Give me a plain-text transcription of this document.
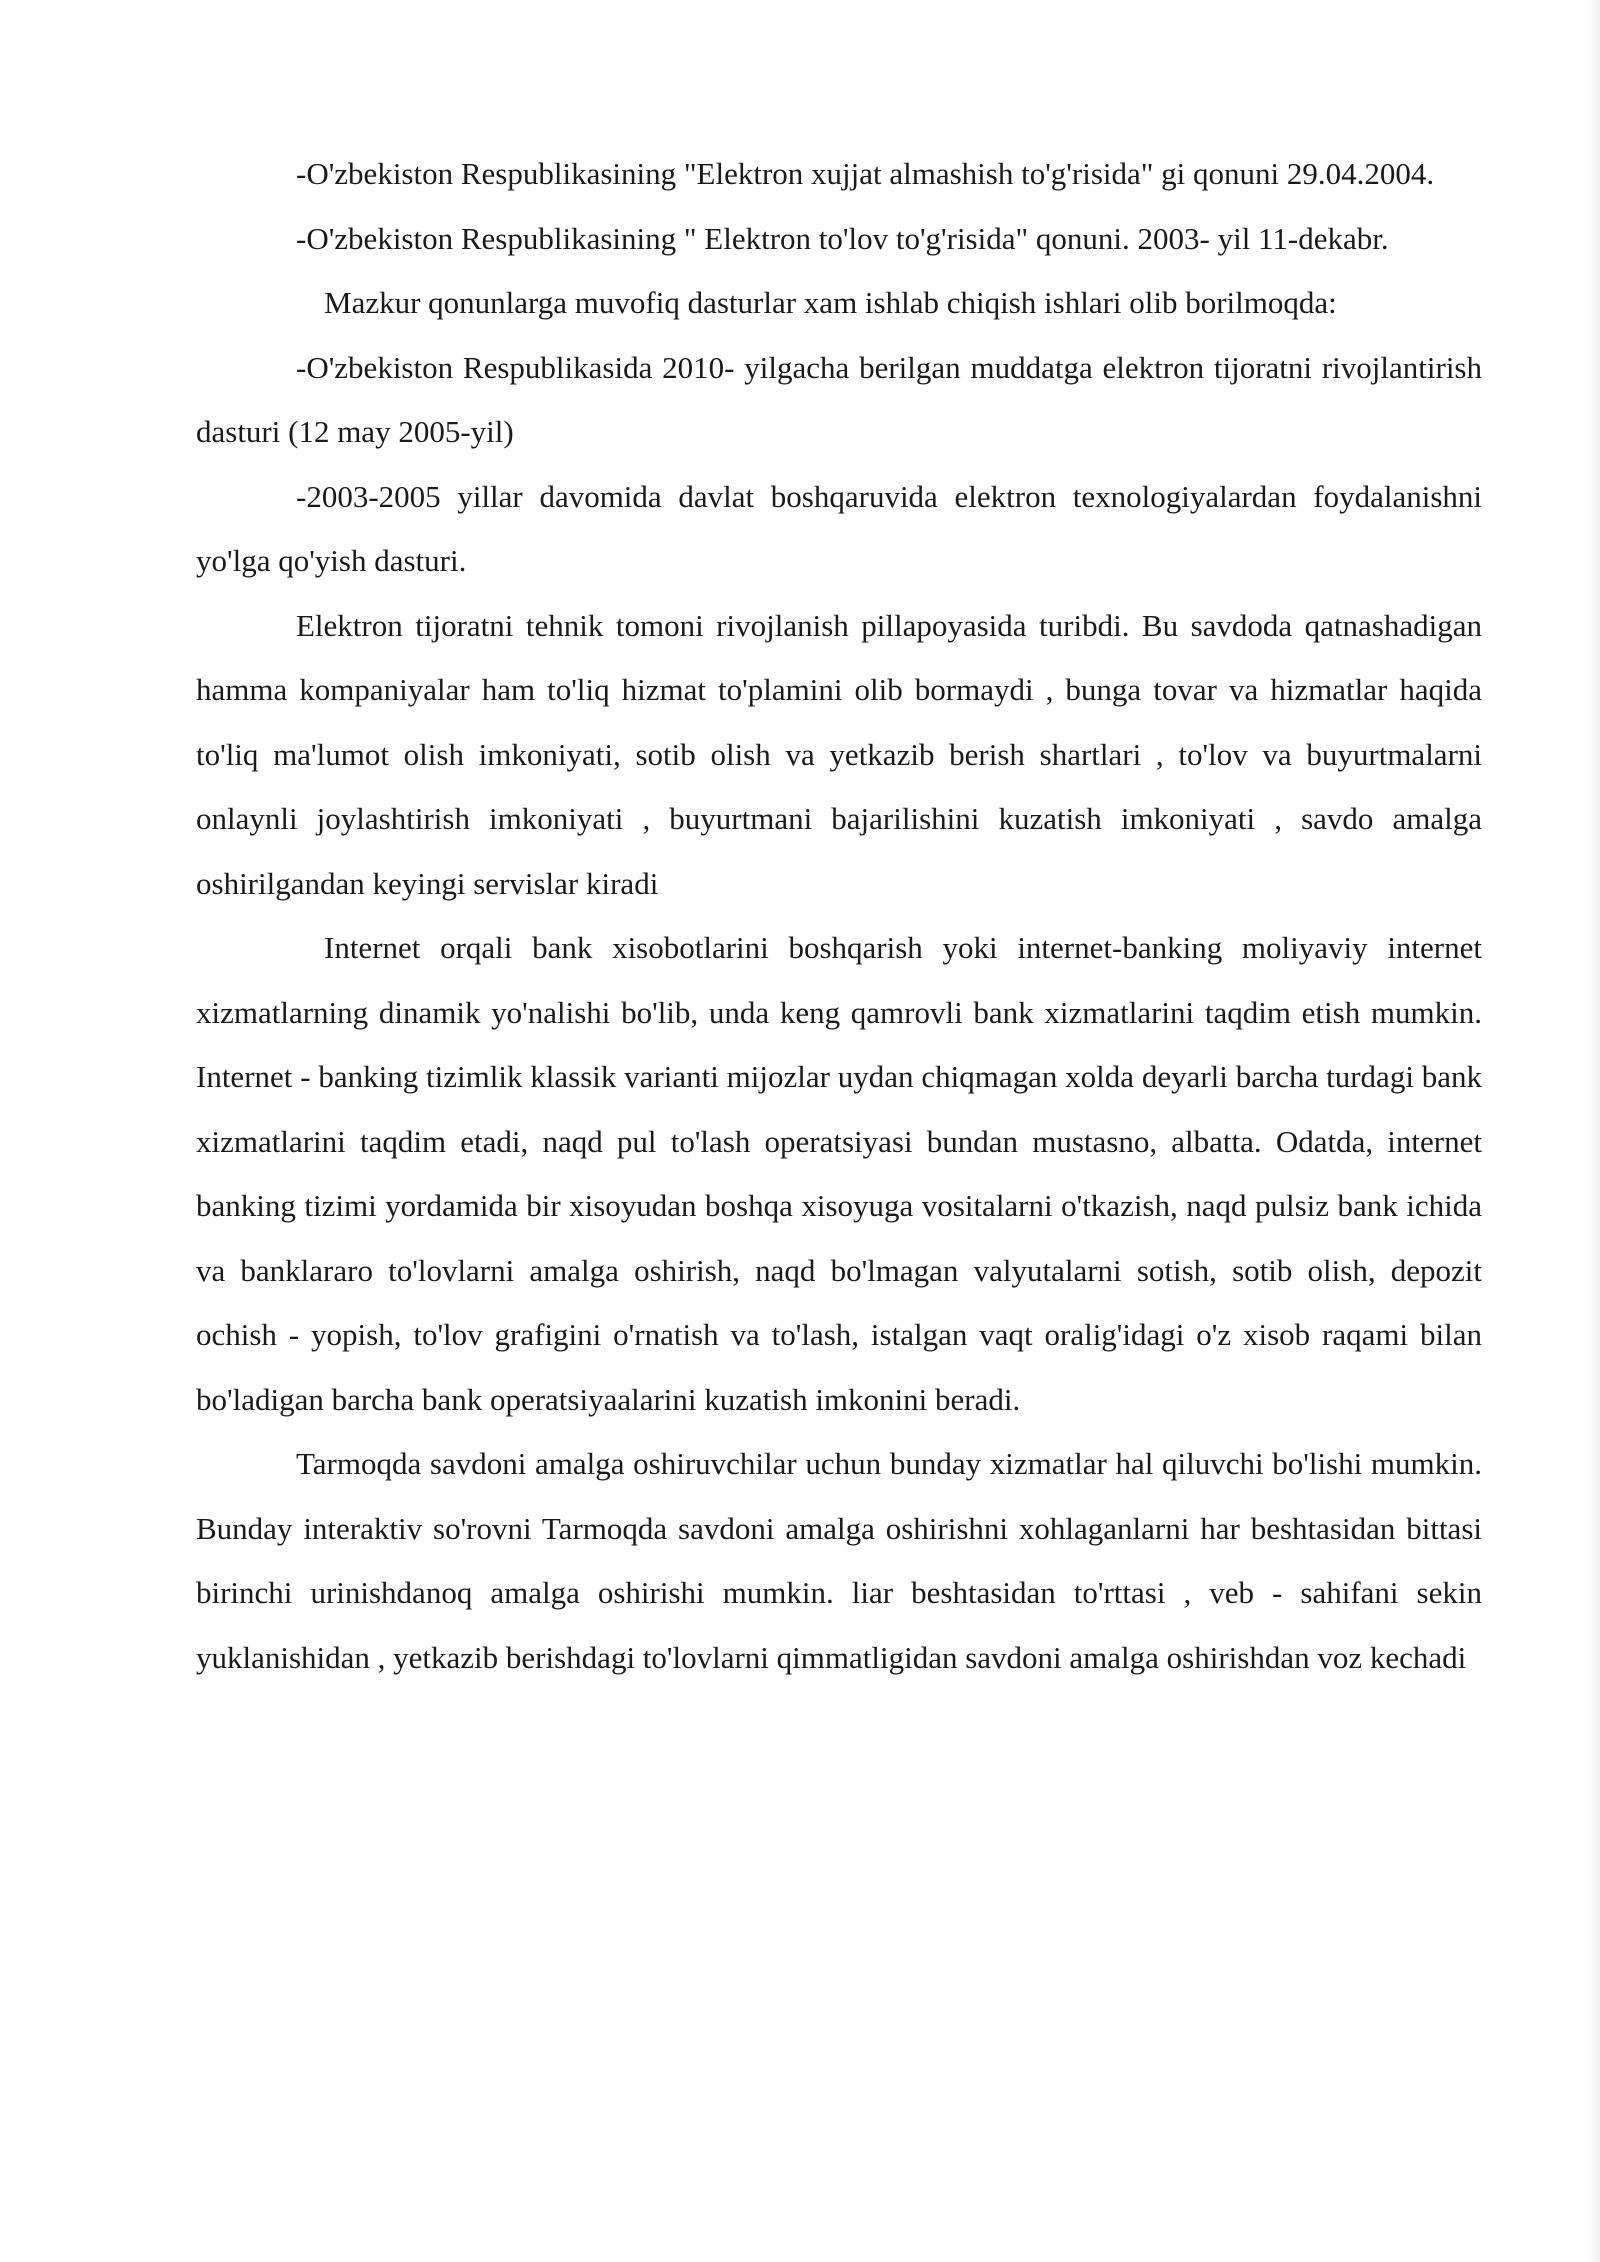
-O'zbekiston Respublikasining "Elektron xujjat almashish to'g'risida" gi qonuni 29.04.2004.

-O'zbekiston Respublikasining " Elektron to'lov to'g'risida" qonuni. 2003- yil 11-dekabr.

Mazkur qonunlarga muvofiq dasturlar xam ishlab chiqish ishlari olib borilmoqda:

-O'zbekiston Respublikasida 2010- yilgacha berilgan muddatga elektron tijoratni rivojlantirish dasturi (12 may 2005-yil)

-2003-2005 yillar davomida davlat boshqaruvida elektron texnologiyalardan foydalanishni yo'lga qo'yish dasturi.

Elektron tijoratni tehnik tomoni rivojlanish pillapoyasida turibdi. Bu savdoda qatnashadigan hamma kompaniyalar ham to'liq hizmat to'plamini olib bormaydi , bunga tovar va hizmatlar haqida to'liq ma'lumot olish imkoniyati, sotib olish va yetkazib berish shartlari , to'lov va buyurtmalarni onlaynli joylashtirish imkoniyati , buyurtmani bajarilishini kuzatish imkoniyati , savdo amalga oshirilgandan keyingi servislar kiradi

Internet orqali bank xisobotlarini boshqarish yoki internet-banking moliyaviy internet xizmatlarning dinamik yo'nalishi bo'lib, unda keng qamrovli bank xizmatlarini taqdim etish mumkin. Internet - banking tizimlik klassik varianti mijozlar uydan chiqmagan xolda deyarli barcha turdagi bank xizmatlarini taqdim etadi, naqd pul to'lash operatsiyasi bundan mustasno, albatta. Odatda, internet banking tizimi yordamida bir xisoyudan boshqa xisoyuga vositalarni o'tkazish, naqd pulsiz bank ichida va banklararo to'lovlarni amalga oshirish, naqd bo'lmagan valyutalarni sotish, sotib olish, depozit ochish - yopish, to'lov grafigini o'rnatish va to'lash, istalgan vaqt oralig'idagi o'z xisob raqami bilan bo'ladigan barcha bank operatsiyaalarini kuzatish imkonini beradi.

Tarmoqda savdoni amalga oshiruvchilar uchun bunday xizmatlar hal qiluvchi bo'lishi mumkin. Bunday interaktiv so'rovni Tarmoqda savdoni amalga oshirishni xohlaganlarni har beshtasidan bittasi birinchi urinishdanoq amalga oshirishi mumkin. liar beshtasidan to'rttasi , veb - sahifani sekin yuklanishidan , yetkazib berishdagi to'lovlarni qimmatligidan savdoni amalga oshirishdan voz kechadi
